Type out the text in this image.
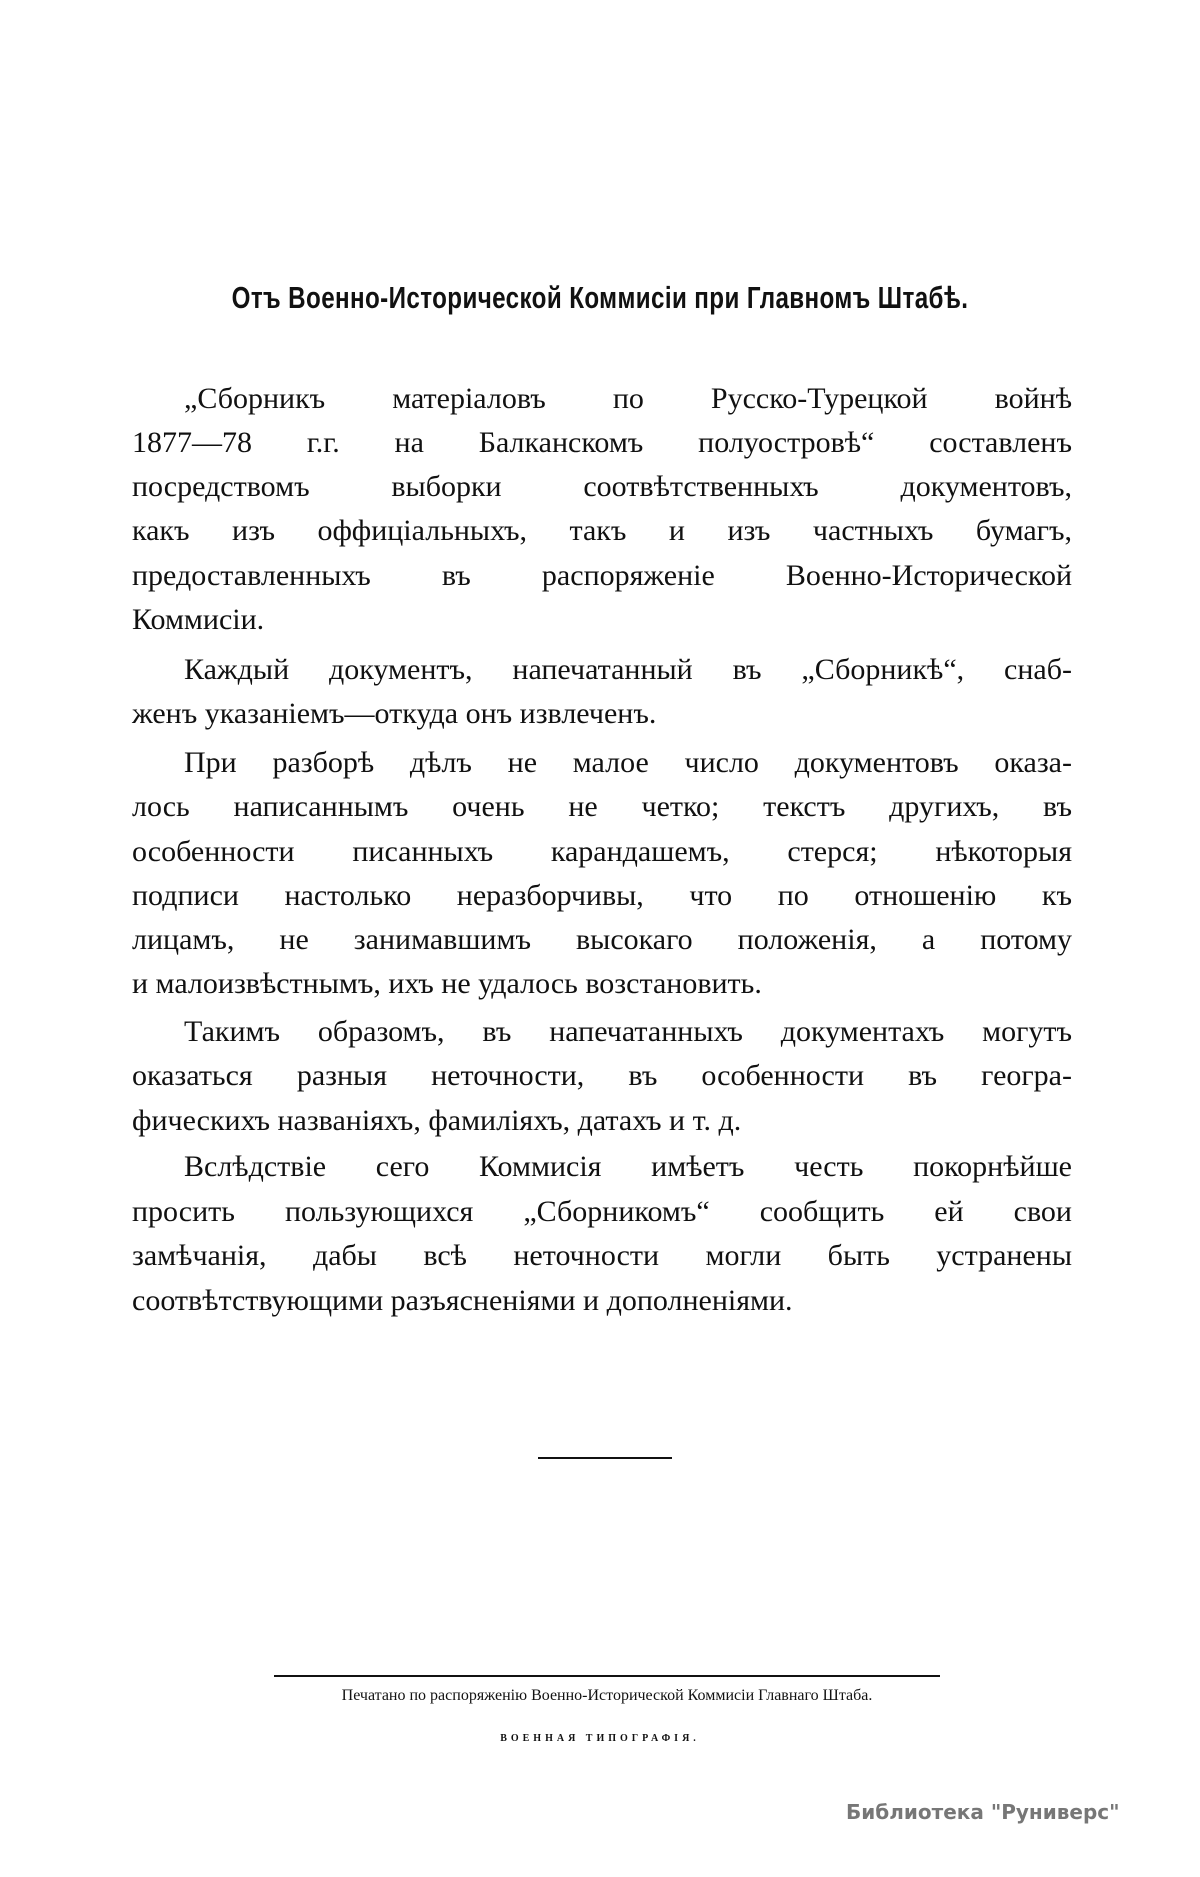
Отъ Военно-Исторической Коммисіи при Главномъ Штабѣ.
„Сборникъ матеріаловъ по Русско-Турецкой войнѣ
1877—78 г.г. на Балканскомъ полуостровѣ“ составленъ
посредствомъ выборки соотвѣтственныхъ документовъ,
какъ изъ оффиціальныхъ, такъ и изъ частныхъ бумагъ,
предоставленныхъ въ распоряженіе Военно-Исторической
Коммисіи.
Каждый документъ, напечатанный въ „Сборникѣ“, снаб-
женъ указаніемъ—откуда онъ извлеченъ.
При разборѣ дѣлъ не малое число документовъ оказа-
лось написаннымъ очень не четко; текстъ другихъ, въ
особенности писанныхъ карандашемъ, стерся; нѣкоторыя
подписи настолько неразборчивы, что по отношенію къ
лицамъ, не занимавшимъ высокаго положенія, а потому
и малоизвѣстнымъ, ихъ не удалось возстановить.
Такимъ образомъ, въ напечатанныхъ документахъ могутъ
оказаться разныя неточности, въ особенности въ геогра-
фическихъ названіяхъ, фамиліяхъ, датахъ и т. д.
Вслѣдствіе сего Коммисія имѣетъ честь покорнѣйше
просить пользующихся „Сборникомъ“ сообщить ей свои
замѣчанія, дабы всѣ неточности могли быть устранены
соотвѣтствующими разъясненіями и дополненіями.
Печатано по распоряженію Военно-Исторической Коммисіи Главнаго Штаба.
ВОЕННАЯ ТИПОГРАФІЯ.
Библиотека "Руниверс"
